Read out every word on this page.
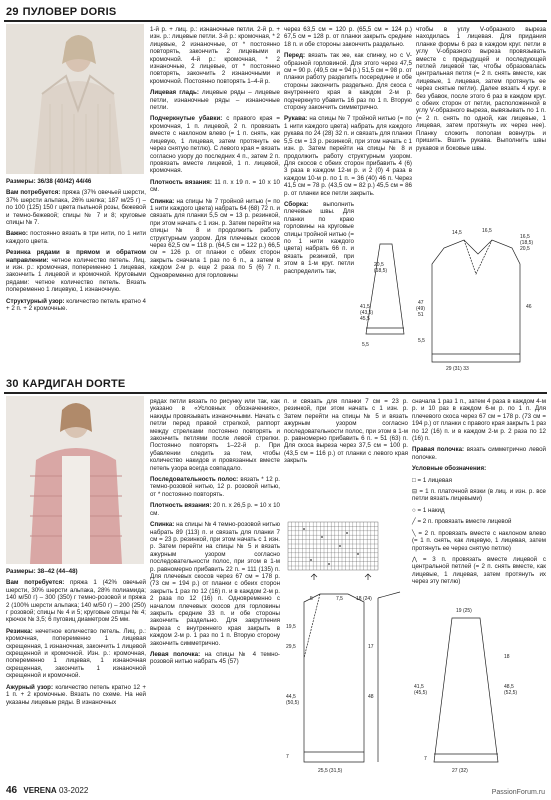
29 ПУЛОВЕР DORIS

Размеры: 36/38 (40/42) 44/46

Вам потребуется: пряжа (37% овечьей шерсти, 37% шерсти альпака, 26% шелка; 187 м/25 г) – по 100 (125) 150 г цвета пыльной розы, бежевой и темно-бежевой; спицы № 7 и 8; круговые спицы № 7.

Важно: постоянно вязать в три нити, по 1 нити каждого цвета.

Резинка рядами в прямом и обратном направлении: четное количество петель. Лиц. и изн. р.: кромочная, попеременно 1 лицевая, закончить 1 лицевой и кромочной. Круговыми рядами: четное количество петель. Вязать попеременно 1 лицевую, 1 изнаночную.

Структурный узор: количество петель кратно 4 + 2 п. + 2 кромочные.

1-й р. + лиц. р.: изнаночные петли. 2-й р. + изн. р.: лицевые петли. 3-й р.: кромочная, * 2 лицевые, 2 изнаночные, от * постоянно повторять, закончить 2 лицевыми и кромочной. 4-й р.: кромочная, * 2 изнаночные, 2 лицевые, от * постоянно повторять, закончить 2 изнаночными и кромочной. Постоянно повторять 1–4-й р.

Лицевая гладь: лицевые ряды – лицевые петли, изнаночные ряды – изнаночные петли.

Подчеркнутые убавки: с правого края = кромочная, 1 п. лицевой, 2 п. провязать вместе с наклоном влево (= 1 п. снять, как лицевую, 1 лицевая, затем протянуть ее через снятую петлю). С левого края = вязать согласно узору до последних 4 п., затем 2 п. провязать вместе лицевой, 1 п. лицевой, кромочная.

Плотность вязания: 11 п. x 19 п. = 10 x 10 см.

Спинка: на спицы № 7 тройной нитью (= по 1 нити каждого цвета) набрать 64 (68) 72 п. и связать для планки 5,5 см = 13 р. резинкой, при этом начать с 1 изн. р. Затем перейти на спицы № 8 и продолжить работу структурным узором. Для плечевых скосов через 62,5 см = 118 р. (64,5 см = 122 р.) 66,5 см = 126 р. от планки с обеих сторон закрыть сначала 1 раз по 6 п., а затем в каждом 2-м р. еще 2 раза по 5 (6) 7 п. Одновременно для горловины

через 63,5 см = 120 р. (65,5 см = 124 р.) 67,5 см = 128 р. от планки закрыть средние 18 п. и обе стороны закончить раздельно.

Перед: вязать так же, как спинку, но с V-образной горловиной. Для этого через 47,5 см = 90 р. (49,5 см = 94 р.) 51,5 см = 98 р. от планки работу разделить посередине и обе стороны закончить раздельно. Для скоса с внутреннего края в каждом 2-м р. подчеркнуто убавить 16 раз по 1 п. Вторую сторону закончить симметрично.

Рукава: на спицы № 7 тройной нитью (= по 1 нити каждого цвета) набрать для каждого рукава по 24 (28) 32 п. и связать для планки 5,5 см = 13 р. резинкой, при этом начать с 1 изн. р. Затем перейти на спицы № 8 и продолжить работу структурным узором. Для скосов с обеих сторон прибавить 4 (6) 3 раза в каждом 12-м р. и 2 (0) 4 раза в каждом 10-м р. по 1 п. = 36 (40) 46 п. Через 41,5 см = 78 р. (43,5 см = 82 р.) 45,5 см = 86 р. от планки все петли закрыть.

Сборка: выполнить плечевые швы. Для планки по краю горловины на круговые спицы тройной нитью (= по 1 нити каждого цвета) набрать 66 п. и вязать резинкой, при этом в 1-м круг. петли распределить так,

чтобы в углу V-образного выреза находилась 1 лицевая. Для придания планке формы 6 раз в каждом круг. петли в углу V-образного выреза провязывать вместе с предыдущей и последующей петлей лицевой так, чтобы образовалась центральная петля (= 2 п. снять вместе, как лицевые, 1 лицевая, затем протянуть ее через снятые петли). Далее вязать 4 круг. в без убавок, после этого 6 раз в каждом круг. с обеих сторон от петли, расположенной в углу V-образного выреза, вывязывать по 1 п. (= 2 п. снять по одной, как лицевые, 1 лицевая, затем протянуть их через нее). Планку сложить пополам вовнутрь и пришить. Вшить рукава. Выполнить швы рукавов и боковые швы.

14,5	16,5
16,5
(18,5)
20,5
(18,5)
20,5
41,5
(43,5)
45,5
47
(49)
51
5,5
5,5
46
29 (31) 33
30 КАРДИГАН DORTE

Размеры: 38–42 (44–48)

Вам потребуется: пряжа 1 (42% овечьей шерсти, 30% шерсти альпака, 28% полиамида; 140 м/50 г) – 300 (350) г темно-розовой и пряжа 2 (100% шерсти альпака; 140 м/50 г) – 200 (250) г розовой; спицы № 4 и 5; круговые спицы № 4; крючок № 3,5; 6 пуговиц диаметром 25 мм.

Резинка: нечетное количество петель. Лиц. р.: кромочная, попеременно 1 лицевая скрещенная, 1 изнаночная, закончить 1 лицевой скрещенной и кромочной. Изн. р.: кромочная, попеременно 1 лицевая, 1 изнаночная скрещенная, закончить 1 изнаночной скрещенной и кромочной.

Ажурный узор: количество петель кратно 12 + 1 п. + 2 кромочные. Вязать по схеме. На ней указаны лицевые ряды. В изнаночных

рядах петли вязать по рисунку или так, как указано в «Условных обозначениях», накиды провязывать изнаночными. Начать с петли перед правой стрелкой, раппорт между стрелками постоянно повторять и закончить петлями после левой стрелки. Постоянно повторять 1–22-й р. При убавлении следить за тем, чтобы количество накидов и провязанных вместе петель узора всегда совпадало.

Последовательность полос: вязать * 12 р. темно-розовой нитью, 12 р. розовой нитью, от * постоянно повторять.

Плотность вязания: 20 п. x 26,5 р. = 10 x 10 см.

Спинка: на спицы № 4 темно-розовой нитью набрать 89 (113) п. и связать для планки 7 см = 23 р. резинкой, при этом начать с 1 изн. р. Затем перейти на спицы № 5 и вязать ажурным узором согласно последовательности полос, при этом в 1-м р. равномерно прибавить 22 п. = 111 (135) п. Для плечевых скосов через 67 см = 178 р. (73 см = 194 р.) от планки с обеих сторон закрыть 1 раз по 12 (16) п. и в каждом 2-м р. 2 раза по 12 (16) п. Одновременно с началом плечевых скосов для горловины закрыть средние 33 п. и обе стороны закончить раздельно. Для закругления выреза с внутреннего края закрыть в каждом 2-м р. 1 раз по 1 п. Вторую сторону закончить симметрично.

Левая полочка: на спицы № 4 темно-розовой нитью набрать 45 (57)

п. и связать для планки 7 см = 23 р. резинкой, при этом начать с 1 изн. р. Затем перейти на спицы № 5 и вязать ажурным узором согласно последовательности полос, при этом в 1-м р. равномерно прибавить 6 п. = 51 (63) п. Для скоса выреза через 37,5 см = 100 р. (43,5 см = 116 р.) от планки с левого края закрыть

сначала 1 раз 1 п., затем 4 раза в каждом 4-м р. и 10 раз в каждом 6-м р. по 1 п. Для плечевого скоса через 67 см = 178 р. (73 см = 194 р.) от планки с правого края закрыть 1 раз по 12 (16) п. и в каждом 2-м р. 2 раза по 12 (16) п.

Правая полочка: вязать симметрично левой полочке.

Условные обозначения:

□ = 1 лицевая

⊟ = 1 п. платочной вязки (в лиц. и изн. р. все петли вязать лицевыми)

○ = 1 накид

╱ = 2 п. провязать вместе лицевой

╲ = 2 п. провязать вместе с наклоном влево (= 1 п. снять, как лицевую, 1 лицевая, затем протянуть ее через снятую петлю)

⋀ = 3 п. провязать вместе лицевой с центральной петлей (= 2 п. снять вместе, как лицевые, 1 лицевая, затем протянуть их через эту петлю)

5	7,5	18 (24)
19,5
29,5	17
44,5
(50,5)
48
7
25,5 (31,5)
19 (25)
18
41,5
(45,5)
48,5
(52,5)
7
27 (32)
46 VERENA 03-2022	PassionForum.ru
